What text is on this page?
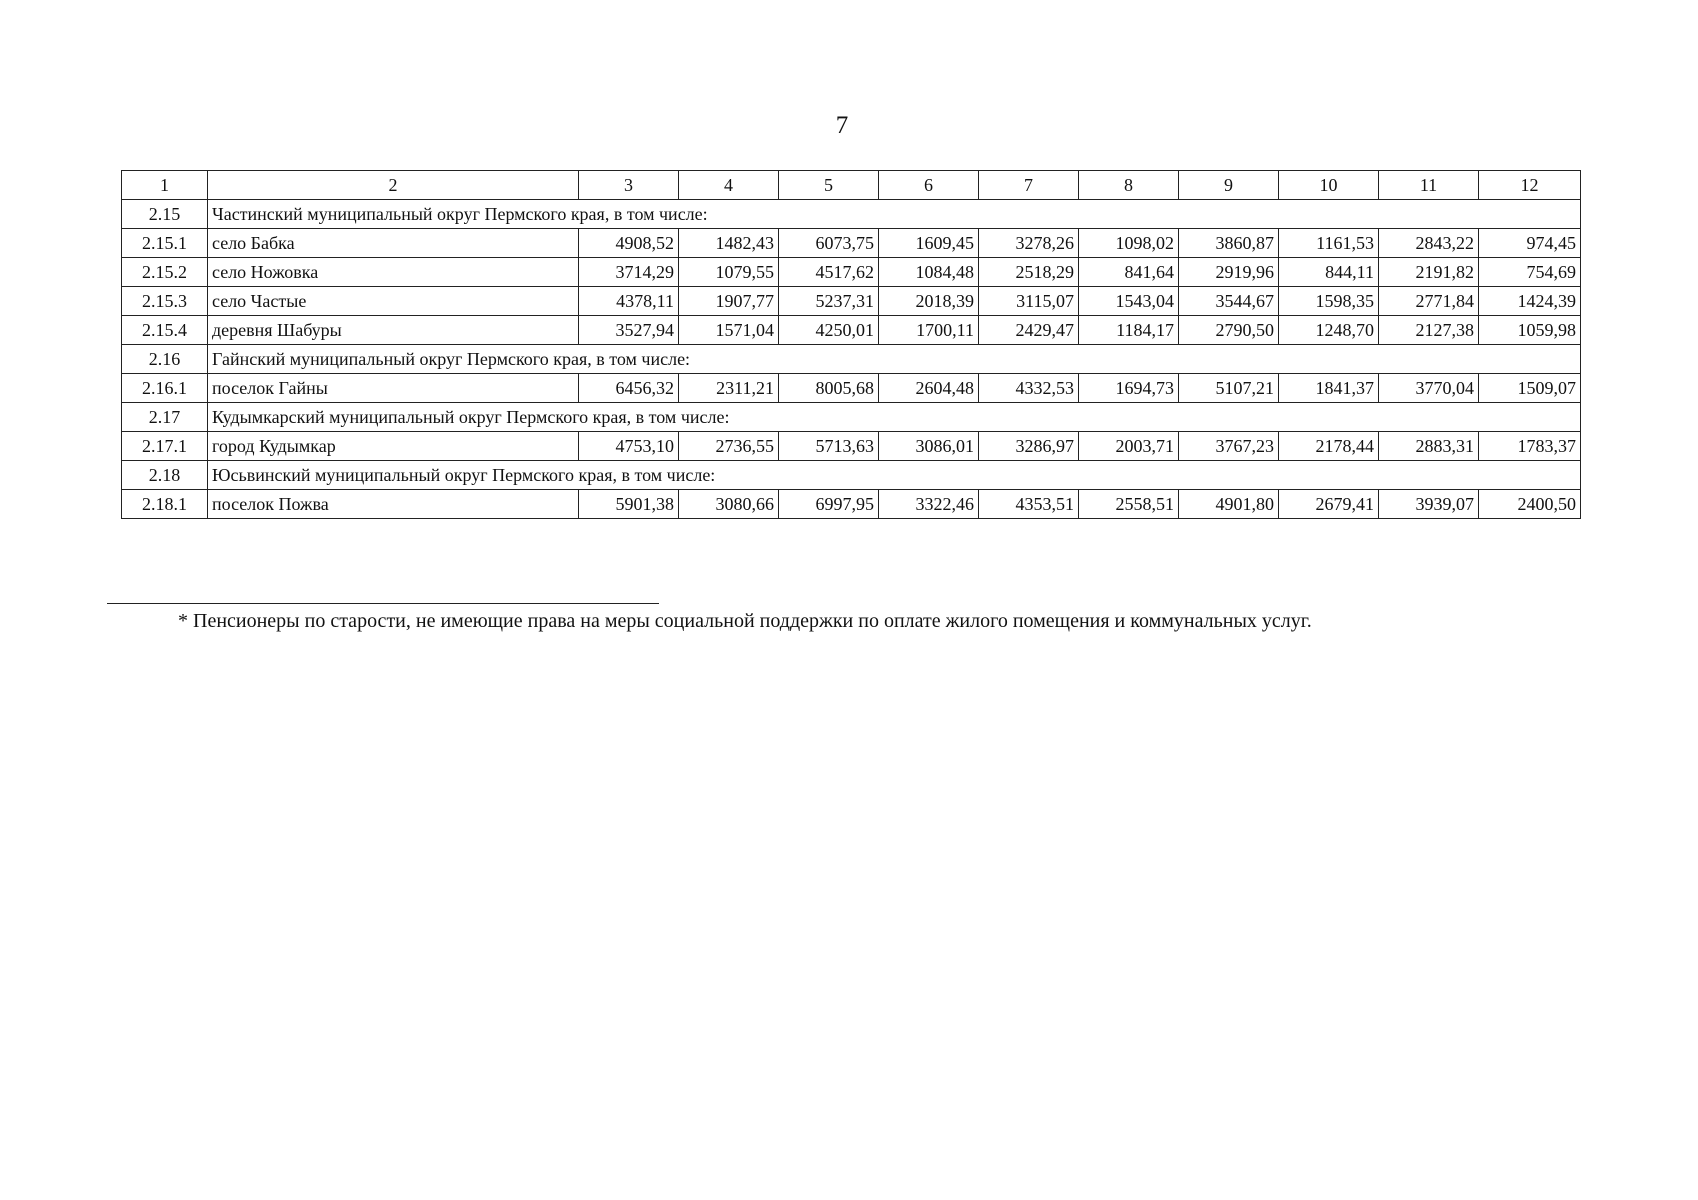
7
1	2	3	4	5	6	7	8	9	10	11	12
2.15	Частинский муниципальный округ Пермского края, в том числе:										
2.15.1	село Бабка	4908,52	1482,43	6073,75	1609,45	3278,26	1098,02	3860,87	1161,53	2843,22	974,45
2.15.2	село Ножовка	3714,29	1079,55	4517,62	1084,48	2518,29	841,64	2919,96	844,11	2191,82	754,69
2.15.3	село Частые	4378,11	1907,77	5237,31	2018,39	3115,07	1543,04	3544,67	1598,35	2771,84	1424,39
2.15.4	деревня Шабуры	3527,94	1571,04	4250,01	1700,11	2429,47	1184,17	2790,50	1248,70	2127,38	1059,98
2.16	Гайнский муниципальный округ Пермского края, в том числе:										
2.16.1	поселок Гайны	6456,32	2311,21	8005,68	2604,48	4332,53	1694,73	5107,21	1841,37	3770,04	1509,07
2.17	Кудымкарский муниципальный округ Пермского края, в том числе:										
2.17.1	город Кудымкар	4753,10	2736,55	5713,63	3086,01	3286,97	2003,71	3767,23	2178,44	2883,31	1783,37
2.18	Юсьвинский муниципальный округ Пермского края, в том числе:										
2.18.1	поселок Пожва	5901,38	3080,66	6997,95	3322,46	4353,51	2558,51	4901,80	2679,41	3939,07	2400,50
* Пенсионеры по старости, не имеющие права на меры социальной поддержки по оплате жилого помещения и коммунальных услуг.
